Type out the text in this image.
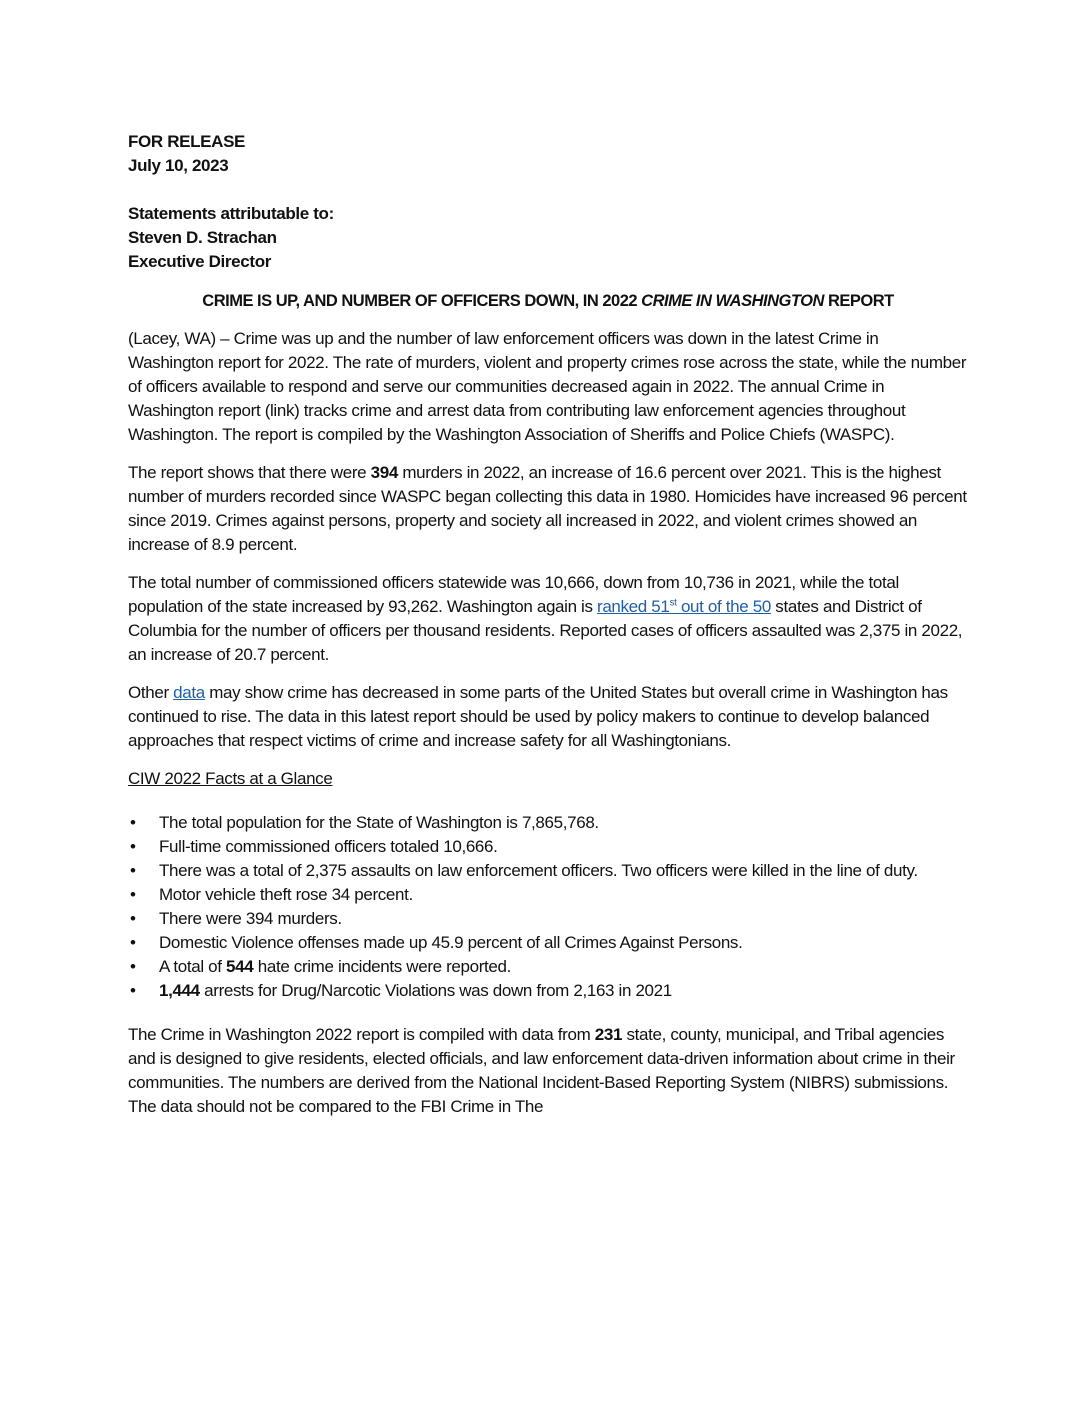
FOR RELEASE
July 10, 2023
Statements attributable to:
Steven D. Strachan
Executive Director
CRIME IS UP, AND NUMBER OF OFFICERS DOWN, IN 2022 CRIME IN WASHINGTON REPORT

(Lacey, WA) – Crime was up and the number of law enforcement officers was down in the latest Crime in Washington report for 2022. The rate of murders, violent and property crimes rose across the state, while the number of officers available to respond and serve our communities decreased again in 2022. The annual Crime in Washington report (link) tracks crime and arrest data from contributing law enforcement agencies throughout Washington. The report is compiled by the Washington Association of Sheriffs and Police Chiefs (WASPC).

The report shows that there were 394 murders in 2022, an increase of 16.6 percent over 2021. This is the highest number of murders recorded since WASPC began collecting this data in 1980. Homicides have increased 96 percent since 2019. Crimes against persons, property and society all increased in 2022, and violent crimes showed an increase of 8.9 percent.

The total number of commissioned officers statewide was 10,666, down from 10,736 in 2021, while the total population of the state increased by 93,262. Washington again is ranked 51st out of the 50 states and District of Columbia for the number of officers per thousand residents. Reported cases of officers assaulted was 2,375 in 2022, an increase of 20.7 percent.

Other data may show crime has decreased in some parts of the United States but overall crime in Washington has continued to rise. The data in this latest report should be used by policy makers to continue to develop balanced approaches that respect victims of crime and increase safety for all Washingtonians.

CIW 2022 Facts at a Glance
• The total population for the State of Washington is 7,865,768.
• Full-time commissioned officers totaled 10,666.
• There was a total of 2,375 assaults on law enforcement officers. Two officers were killed in the line of duty.
• Motor vehicle theft rose 34 percent.
• There were 394 murders.
• Domestic Violence offenses made up 45.9 percent of all Crimes Against Persons.
• A total of 544 hate crime incidents were reported.
• 1,444 arrests for Drug/Narcotic Violations was down from 2,163 in 2021

The Crime in Washington 2022 report is compiled with data from 231 state, county, municipal, and Tribal agencies and is designed to give residents, elected officials, and law enforcement data-driven information about crime in their communities. The numbers are derived from the National Incident-Based Reporting System (NIBRS) submissions. The data should not be compared to the FBI Crime in The
